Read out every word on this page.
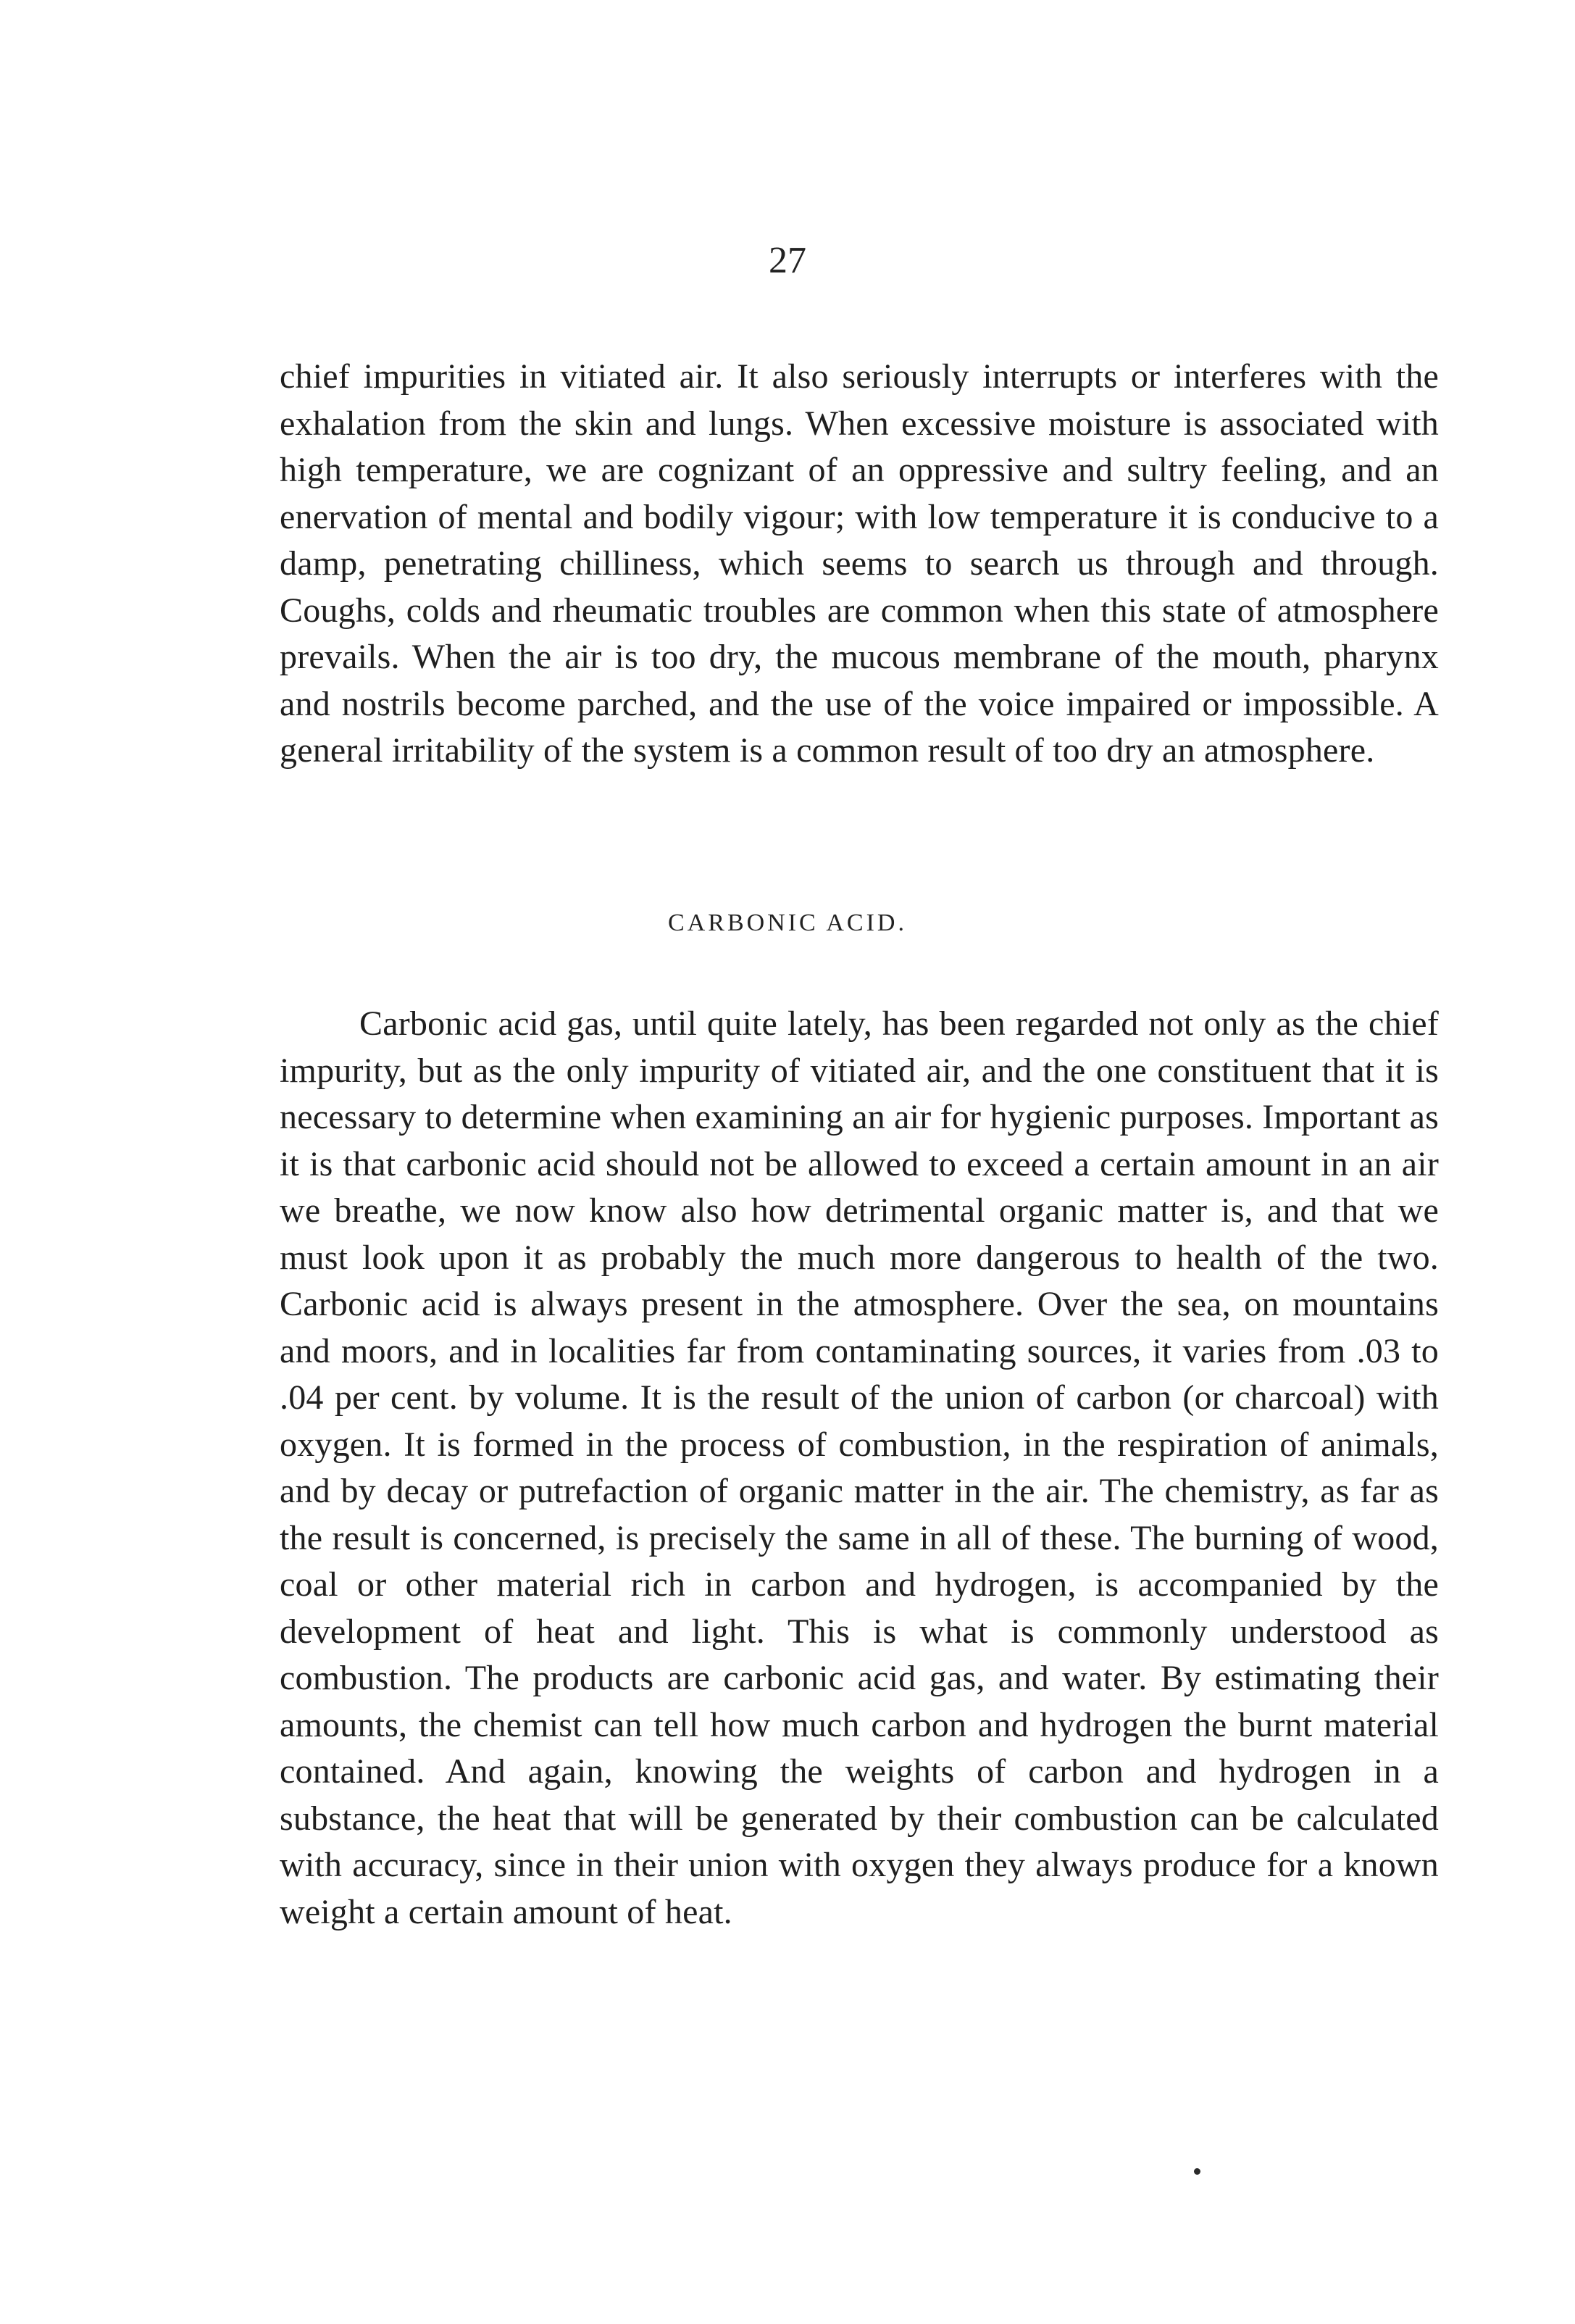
27

chief impurities in vitiated air. It also seriously interrupts or interferes with the exhalation from the skin and lungs. When excessive moisture is associated with high temperature, we are cognizant of an oppressive and sultry feeling, and an enervation of mental and bodily vigour; with low temperature it is conducive to a damp, penetrating chilliness, which seems to search us through and through. Coughs, colds and rheumatic troubles are common when this state of atmosphere prevails. When the air is too dry, the mucous membrane of the mouth, pharynx and nostrils become parched, and the use of the voice impaired or impossible. A general irritability of the system is a common result of too dry an atmosphere.

CARBONIC ACID.

Carbonic acid gas, until quite lately, has been regarded not only as the chief impurity, but as the only impurity of vitiated air, and the one constituent that it is necessary to determine when examining an air for hygienic purposes. Important as it is that carbonic acid should not be allowed to exceed a certain amount in an air we breathe, we now know also how detrimental organic matter is, and that we must look upon it as probably the much more dangerous to health of the two. Carbonic acid is always present in the atmosphere. Over the sea, on mountains and moors, and in localities far from contaminating sources, it varies from .03 to .04 per cent. by volume. It is the result of the union of carbon (or charcoal) with oxygen. It is formed in the process of combustion, in the respiration of animals, and by decay or putrefaction of organic matter in the air. The chemistry, as far as the result is concerned, is precisely the same in all of these. The burning of wood, coal or other material rich in carbon and hydrogen, is accompanied by the development of heat and light. This is what is commonly understood as combustion. The products are carbonic acid gas, and water. By estimating their amounts, the chemist can tell how much carbon and hydrogen the burnt material contained. And again, knowing the weights of carbon and hydrogen in a substance, the heat that will be generated by their combustion can be calculated with accuracy, since in their union with oxygen they always produce for a known weight a certain amount of heat.
